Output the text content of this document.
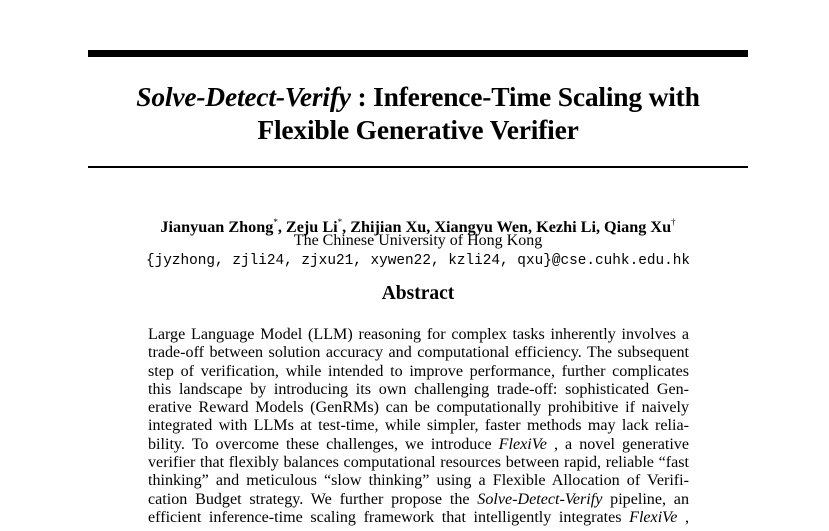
Solve-Detect-Verify : Inference-Time Scaling with
Flexible Generative Verifier
Jianyuan Zhong*, Zeju Li*, Zhijian Xu, Xiangyu Wen, Kezhi Li, Qiang Xu†
The Chinese University of Hong Kong
{jyzhong, zjli24, zjxu21, xywen22, kzli24, qxu}@cse.cuhk.edu.hk
Abstract
Large Language Model (LLM) reasoning for complex tasks inherently involves a
trade-off between solution accuracy and computational efficiency. The subsequent
step of verification, while intended to improve performance, further complicates
this landscape by introducing its own challenging trade-off: sophisticated Gen-
erative Reward Models (GenRMs) can be computationally prohibitive if naively
integrated with LLMs at test-time, while simpler, faster methods may lack relia-
bility. To overcome these challenges, we introduce FlexiVe , a novel generative
verifier that flexibly balances computational resources between rapid, reliable “fast
thinking” and meticulous “slow thinking” using a Flexible Allocation of Verifi-
cation Budget strategy. We further propose the Solve-Detect-Verify pipeline, an
efficient inference-time scaling framework that intelligently integrates FlexiVe ,
